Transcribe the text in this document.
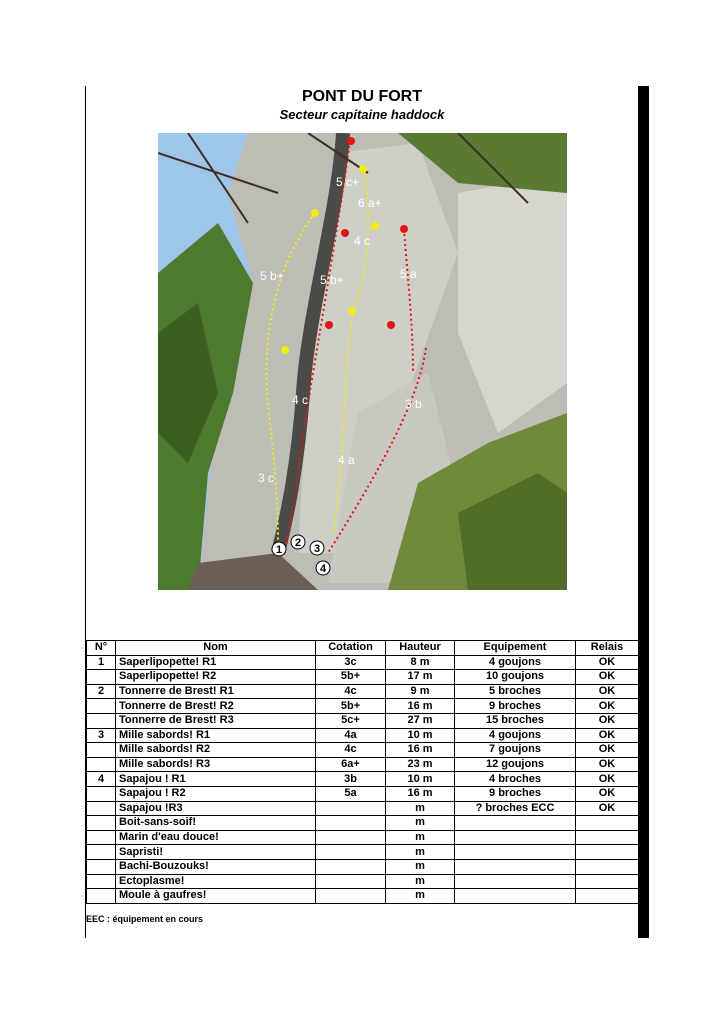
PONT DU FORT
Secteur capitaine haddock
5 c+
6 a+
4 c
5 b+	5 b+	5 a
4 c	3 b
4 a
3 c
1
2 3
4
N°	Nom	Cotation	Hauteur	Equipement	Relais
1	Saperlipopette! R1	3c	8 m	4 goujons	OK
	Saperlipopette! R2	5b+	17 m	10 goujons	OK
2	Tonnerre de Brest! R1	4c	9 m	5 broches	OK
	Tonnerre de Brest! R2	5b+	16 m	9 broches	OK
	Tonnerre de Brest! R3	5c+	27 m	15 broches	OK
3	Mille sabords! R1	4a	10 m	4 goujons	OK
	Mille sabords! R2	4c	16 m	7 goujons	OK
	Mille sabords! R3	6a+	23 m	12 goujons	OK
4	Sapajou ! R1	3b	10 m	4 broches	OK
	Sapajou ! R2	5a	16 m	9 broches	OK
	Sapajou !R3		m	? broches ECC	OK
	Boit-sans-soif!		m		
	Marin d'eau douce!		m		
	Sapristi!		m		
	Bachi-Bouzouks!		m		
	Ectoplasme!		m		
	Moule à gaufres!		m		
EEC : équipement en cours
